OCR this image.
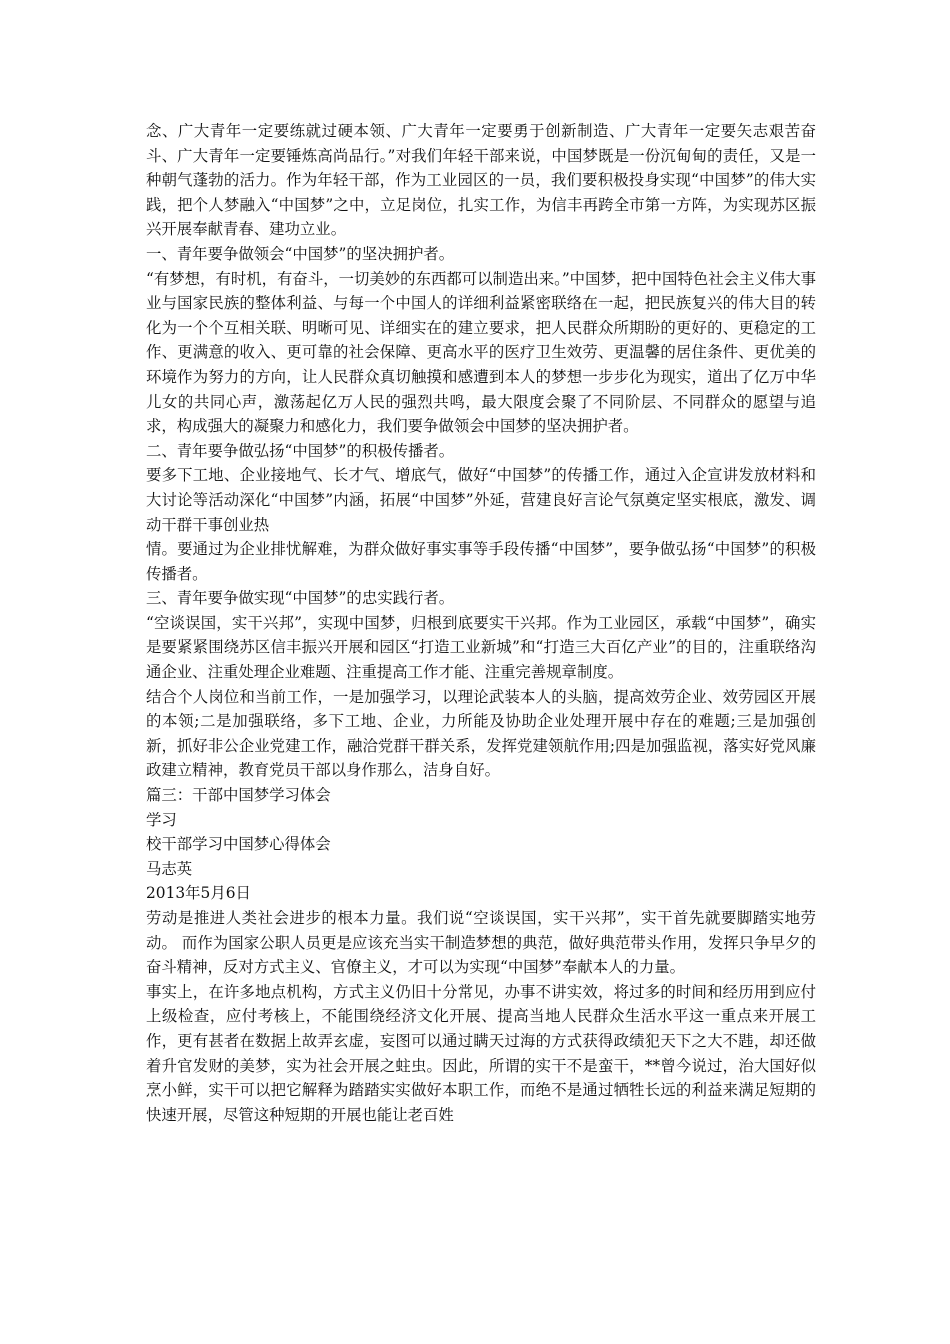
念、广大青年一定要练就过硬本领、广大青年一定要勇于创新制造、广大青年一定要矢志艰苦奋斗、广大青年一定要锤炼高尚品行。”对我们年轻干部来说，中国梦既是一份沉甸甸的责任，又是一种朝气蓬勃的活力。作为年轻干部，作为工业园区的一员，我们要积极投身实现“中国梦”的伟大实践，把个人梦融入“中国梦”之中，立足岗位，扎实工作，为信丰再跨全市第一方阵，为实现苏区振兴开展奉献青春、建功立业。

一、青年要争做领会“中国梦”的坚决拥护者。

“有梦想，有时机，有奋斗，一切美妙的东西都可以制造出来。”中国梦，把中国特色社会主义伟大事业与国家民族的整体利益、与每一个中国人的详细利益紧密联络在一起，把民族复兴的伟大目的转化为一个个互相关联、明晰可见、详细实在的建立要求，把人民群众所期盼的更好的、更稳定的工作、更满意的收入、更可靠的社会保障、更高水平的医疗卫生效劳、更温馨的居住条件、更优美的环境作为努力的方向，让人民群众真切触摸和感遭到本人的梦想一步步化为现实，道出了亿万中华儿女的共同心声，激荡起亿万人民的强烈共鸣，最大限度会聚了不同阶层、不同群众的愿望与追求，构成强大的凝聚力和感化力，我们要争做领会中国梦的坚决拥护者。

二、青年要争做弘扬“中国梦”的积极传播者。

要多下工地、企业接地气、长才气、增底气，做好“中国梦”的传播工作，通过入企宣讲发放材料和大讨论等活动深化“中国梦”内涵，拓展“中国梦”外延，营建良好言论气氛奠定坚实根底，激发、调动干群干事创业热

情。要通过为企业排忧解难，为群众做好事实事等手段传播“中国梦”，要争做弘扬“中国梦”的积极传播者。

三、青年要争做实现“中国梦”的忠实践行者。

“空谈误国，实干兴邦”，实现中国梦，归根到底要实干兴邦。作为工业园区，承载“中国梦”，确实是要紧紧围绕苏区信丰振兴开展和园区“打造工业新城”和“打造三大百亿产业”的目的，注重联络沟通企业、注重处理企业难题、注重提高工作才能、注重完善规章制度。

结合个人岗位和当前工作，一是加强学习，以理论武装本人的头脑，提高效劳企业、效劳园区开展的本领;二是加强联络，多下工地、企业，力所能及协助企业处理开展中存在的难题;三是加强创新，抓好非公企业党建工作，融洽党群干群关系，发挥党建领航作用;四是加强监视，落实好党风廉政建立精神，教育党员干部以身作那么，洁身自好。

篇三：干部中国梦学习体会

学习

校干部学习中国梦心得体会

马志英

2013年5月6日

劳动是推进人类社会进步的根本力量。我们说“空谈误国，实干兴邦”，实干首先就要脚踏实地劳动。 而作为国家公职人员更是应该充当实干制造梦想的典范，做好典范带头作用，发挥只争早夕的奋斗精神，反对方式主义、官僚主义，才可以为实现“中国梦”奉献本人的力量。

事实上，在许多地点机构，方式主义仍旧十分常见，办事不讲实效，将过多的时间和经历用到应付上级检查，应付考核上，不能围绕经济文化开展、提高当地人民群众生活水平这一重点来开展工作，更有甚者在数据上故弄玄虚，妄图可以通过瞒天过海的方式获得政绩犯天下之大不韪，却还做着升官发财的美梦，实为社会开展之蛀虫。因此，所谓的实干不是蛮干，**曾今说过，治大国好似烹小鲜，实干可以把它解释为踏踏实实做好本职工作，而绝不是通过牺牲长远的利益来满足短期的快速开展，尽管这种短期的开展也能让老百姓
